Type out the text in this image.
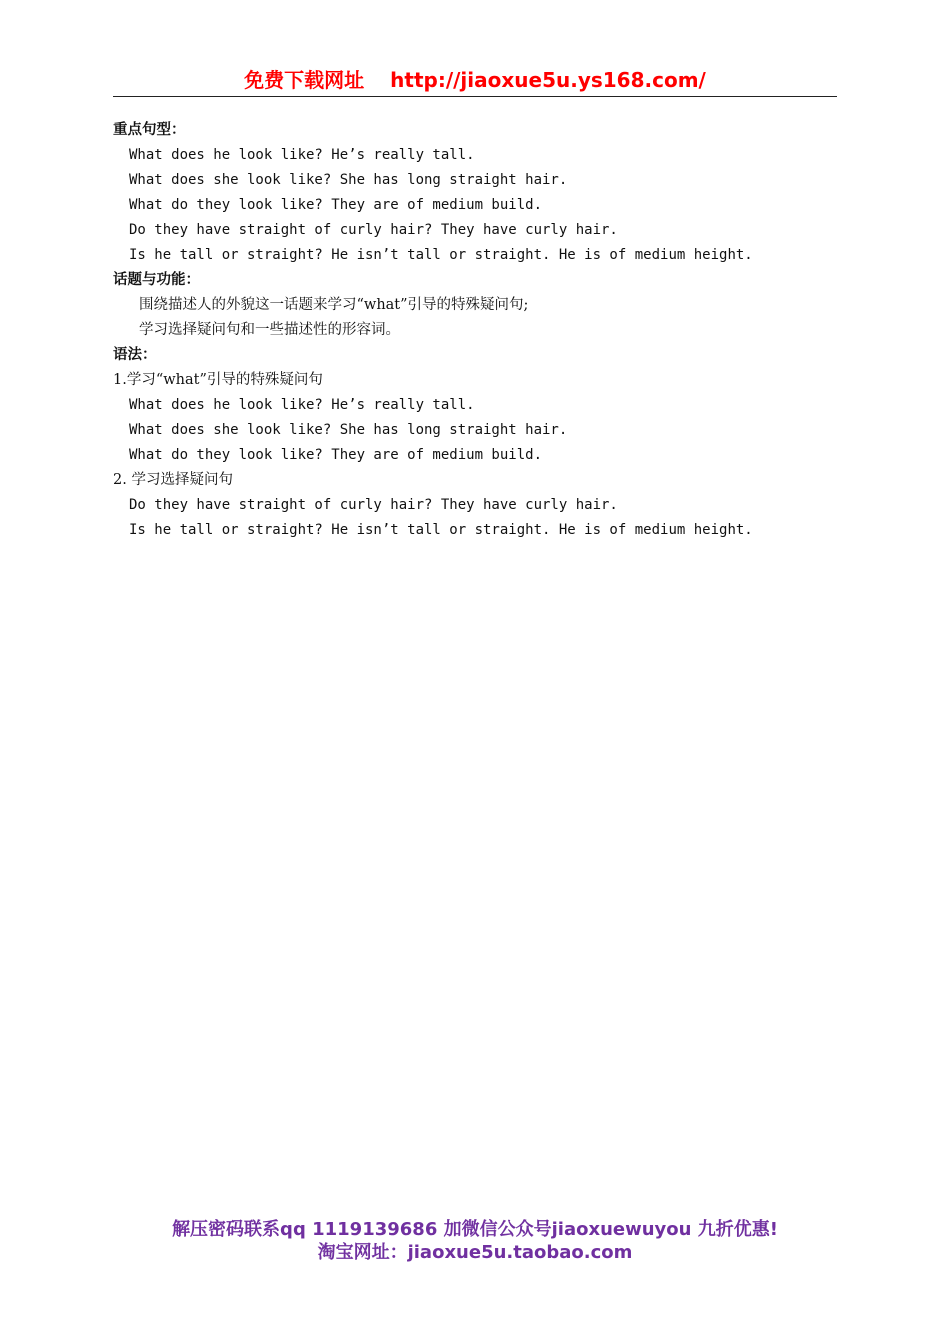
免费下载网址 http://jiaoxue5u.ys168.com/
重点句型：
What does he look like? He’s really tall.
What does she look like? She has long straight hair.
What do they look like? They are of medium build.
Do they have straight of curly hair? They have curly hair.
Is he tall or straight? He isn’t tall or straight. He is of medium height.
话题与功能：
围绕描述人的外貌这一话题来学习“what”引导的特殊疑问句;
学习选择疑问句和一些描述性的形容词。
语法：
1.学习“what”引导的特殊疑问句
What does he look like? He’s really tall.
What does she look like? She has long straight hair.
What do they look like? They are of medium build.
2. 学习选择疑问句
Do they have straight of curly hair? They have curly hair.
Is he tall or straight? He isn’t tall or straight. He is of medium height.
解压密码联系qq 1119139686 加微信公众号jiaoxuewuyou 九折优惠!
淘宝网址：jiaoxue5u.taobao.com
